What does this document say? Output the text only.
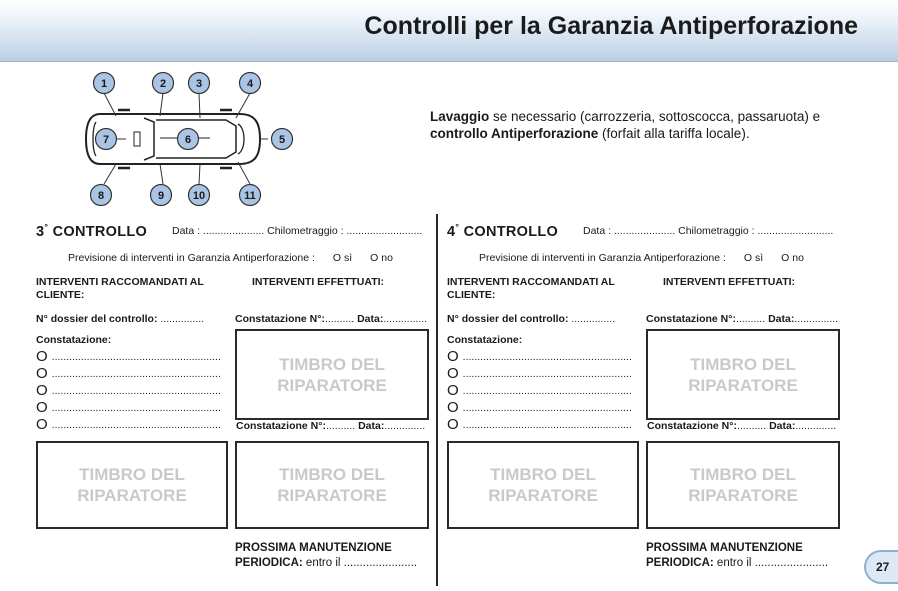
Controlli per la Garanzia Antiperforazione
1	2	3	4
5
6
7
8	9	10	11
Lavaggio se necessario (carrozzeria, sottoscocca, passaruota) e controllo Antiperforazione (forfait alla tariffa locale).
3° CONTROLLO Data : ..................... Chilometraggio : ..........................
Previsione di interventi in Garanzia Antiperforazione : O sì O no
INTERVENTI RACCOMANDATI AL CLIENTE:
INTERVENTI EFFETTUATI:
N° dossier del controllo: ...............	Constatazione N°:.......... Data:...............
Constatazione:
O ..........................................................
O ..........................................................
O ..........................................................
O ..........................................................
O ..........................................................
TIMBRO DEL RIPARATORE
Constatazione N°:.......... Data:..............
TIMBRO DEL RIPARATORE
TIMBRO DEL RIPARATORE
PROSSIMA MANUTENZIONE
PERIODICA: entro il .......................
4° CONTROLLO Data : ..................... Chilometraggio : ..........................
Previsione di interventi in Garanzia Antiperforazione : O sì O no
INTERVENTI RACCOMANDATI AL CLIENTE:
INTERVENTI EFFETTUATI:
N° dossier del controllo: ...............	Constatazione N°:.......... Data:...............
Constatazione:
O ..........................................................
O ..........................................................
O ..........................................................
O ..........................................................
O ..........................................................
TIMBRO DEL RIPARATORE
Constatazione N°:.......... Data:..............
TIMBRO DEL RIPARATORE
TIMBRO DEL RIPARATORE
PROSSIMA MANUTENZIONE
PERIODICA: entro il .......................	27
